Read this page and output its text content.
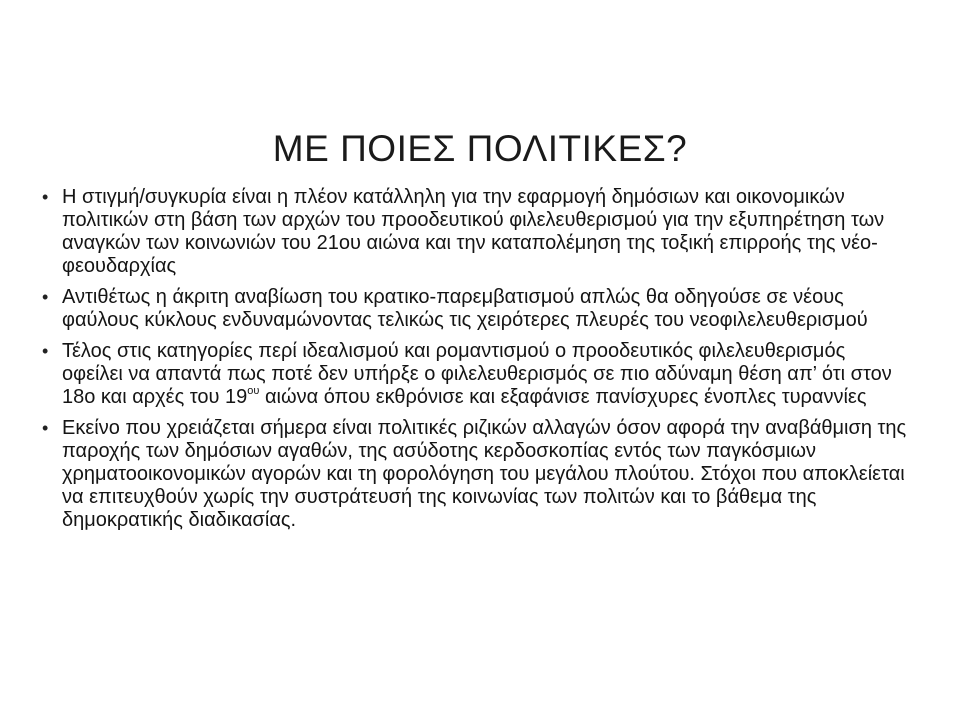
ΜΕ ΠΟΙΕΣ ΠΟΛΙΤΙΚΕΣ?
• Η στιγμή/συγκυρία είναι η πλέον κατάλληλη για την εφαρμογή δημόσιων και οικονομικών πολιτικών στη βάση των αρχών του προοδευτικού φιλελευθερισμού για την εξυπηρέτηση των αναγκών των κοινωνιών του 21ου αιώνα και την καταπολέμηση της τοξική επιρροής της νέο-φεουδαρχίας
• Αντιθέτως η άκριτη αναβίωση του κρατικο-παρεμβατισμού απλώς θα οδηγούσε σε νέους φαύλους κύκλους ενδυναμώνοντας τελικώς τις χειρότερες πλευρές του νεοφιλελευθερισμού
• Τέλος στις κατηγορίες περί ιδεαλισμού και ρομαντισμού ο προοδευτικός φιλελευθερισμός οφείλει να απαντά πως ποτέ δεν υπήρξε ο φιλελευθερισμός σε πιο αδύναμη θέση απ’ ότι στον 18ο και αρχές του $19^{o\upsilon}$ αιώνα όπου εκθρόνισε και εξαφάνισε πανίσχυρες ένοπλες τυραννίες
• Εκείνο που χρειάζεται σήμερα είναι πολιτικές ριζικών αλλαγών όσον αφορά την αναβάθμιση της παροχής των δημόσιων αγαθών, της ασύδοτης κερδοσκοπίας εντός των παγκόσμιων χρηματοοικονομικών αγορών και τη φορολόγηση του μεγάλου πλούτου. Στόχοι που αποκλείεται να επιτευχθούν χωρίς την συστράτευσή της κοινωνίας των πολιτών και το βάθεμα της δημοκρατικής διαδικασίας.
